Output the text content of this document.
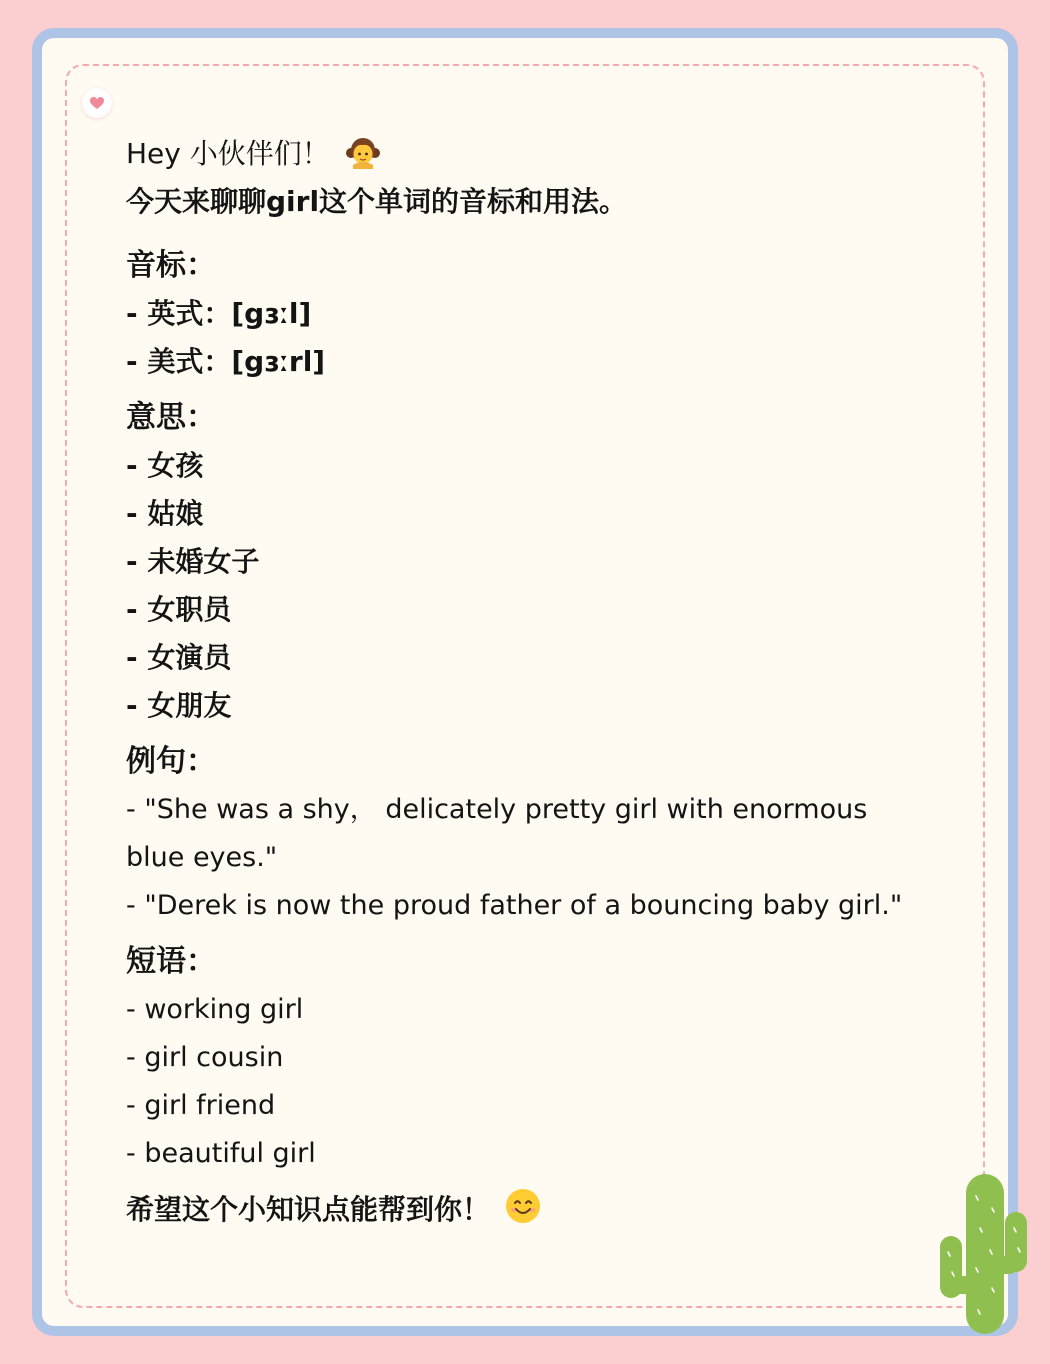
Hey 小伙伴们！
今天来聊聊girl这个单词的音标和用法。
音标：
- 英式：[gɜːl]
- 美式：[gɜːrl]
意思：
- 女孩
- 姑娘
- 未婚女子
- 女职员
- 女演员
- 女朋友
例句：
- "She was a shy， delicately pretty girl with enormous blue eyes."
- "Derek is now the proud father of a bouncing baby girl."
短语：
- working girl
- girl cousin
- girl friend
- beautiful girl
希望这个小知识点能帮到你！
